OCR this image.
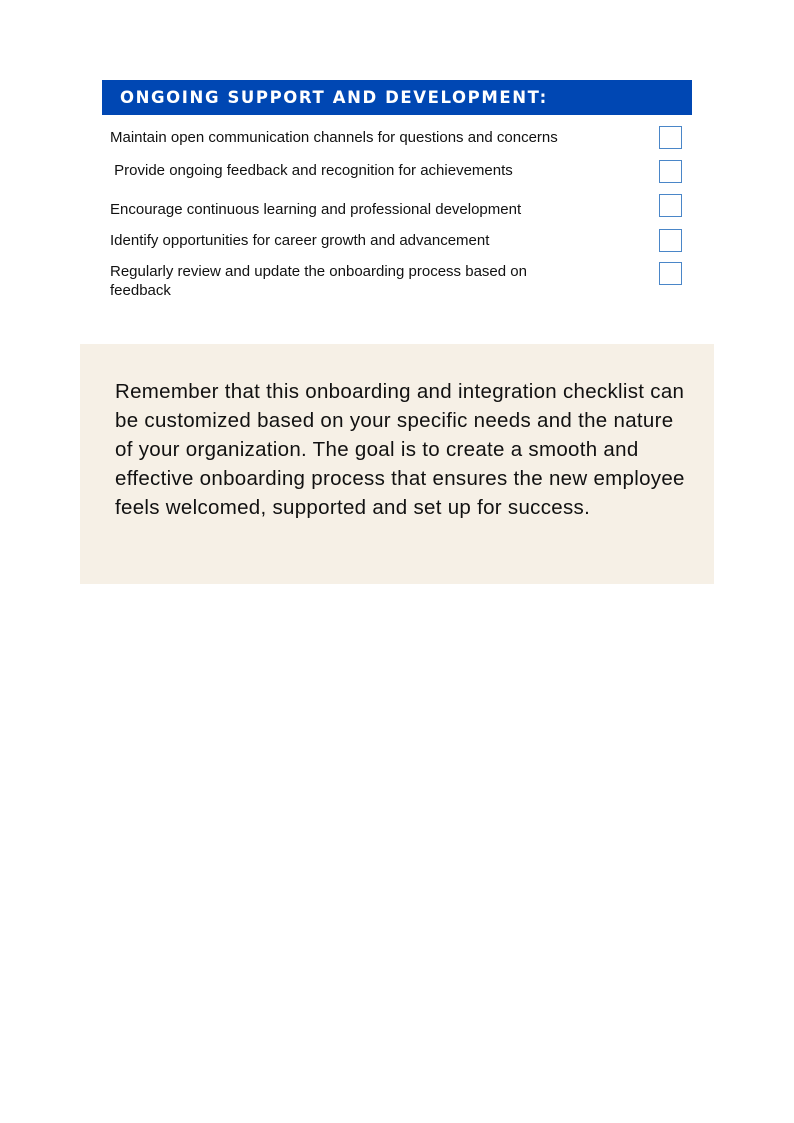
ONGOING SUPPORT AND DEVELOPMENT:
Maintain open communication channels for questions and concerns
Provide ongoing feedback and recognition for achievements
Encourage continuous learning and professional development
Identify opportunities for career growth and advancement
Regularly review and update the onboarding process based on feedback

Remember that this onboarding and integration checklist can be customized based on your specific needs and the nature of your organization. The goal is to create a smooth and effective onboarding process that ensures the new employee feels welcomed, supported and set up for success.
